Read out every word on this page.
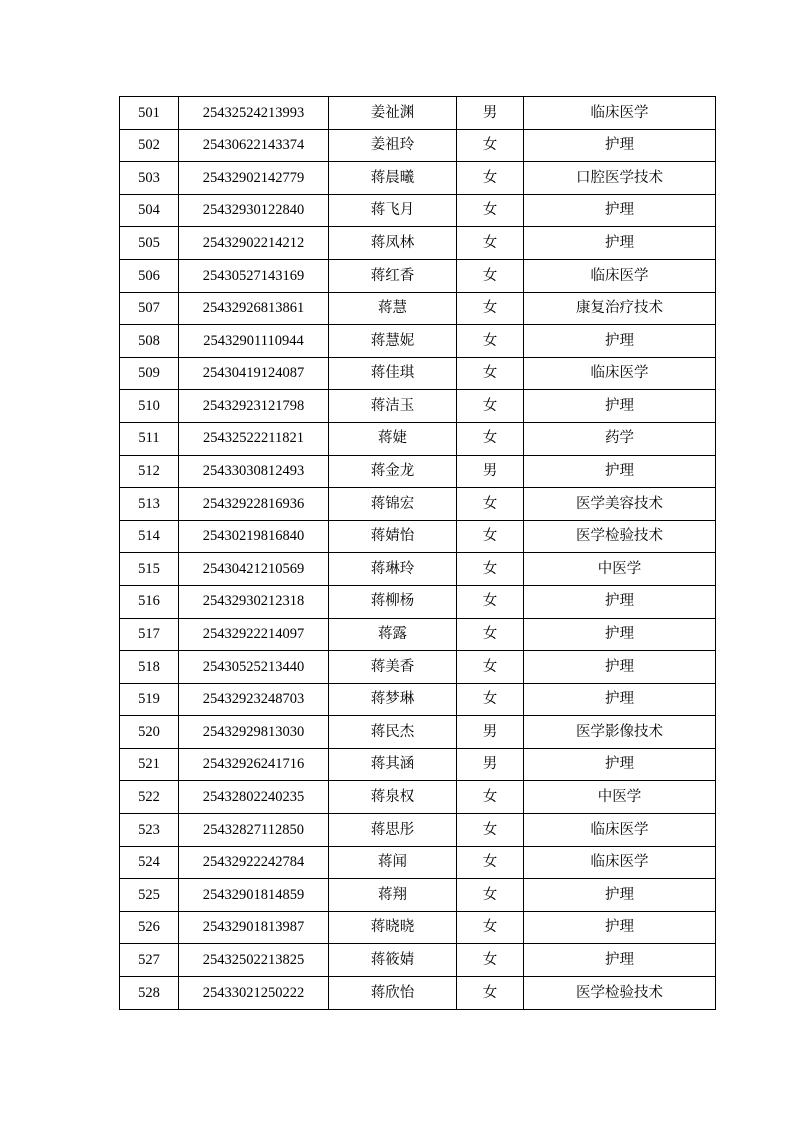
501	25432524213993	姜祉渊	男	临床医学
502	25430622143374	姜祖玲	女	护理
503	25432902142779	蒋晨曦	女	口腔医学技术
504	25432930122840	蒋飞月	女	护理
505	25432902214212	蒋凤林	女	护理
506	25430527143169	蒋红香	女	临床医学
507	25432926813861	蒋慧	女	康复治疗技术
508	25432901110944	蒋慧妮	女	护理
509	25430419124087	蒋佳琪	女	临床医学
510	25432923121798	蒋洁玉	女	护理
511	25432522211821	蒋婕	女	药学
512	25433030812493	蒋金龙	男	护理
513	25432922816936	蒋锦宏	女	医学美容技术
514	25430219816840	蒋婧怡	女	医学检验技术
515	25430421210569	蒋琳玲	女	中医学
516	25432930212318	蒋柳杨	女	护理
517	25432922214097	蒋露	女	护理
518	25430525213440	蒋美香	女	护理
519	25432923248703	蒋梦琳	女	护理
520	25432929813030	蒋民杰	男	医学影像技术
521	25432926241716	蒋其涵	男	护理
522	25432802240235	蒋泉权	女	中医学
523	25432827112850	蒋思彤	女	临床医学
524	25432922242784	蒋闻	女	临床医学
525	25432901814859	蒋翔	女	护理
526	25432901813987	蒋晓晓	女	护理
527	25432502213825	蒋筱婧	女	护理
528	25433021250222	蒋欣怡	女	医学检验技术
